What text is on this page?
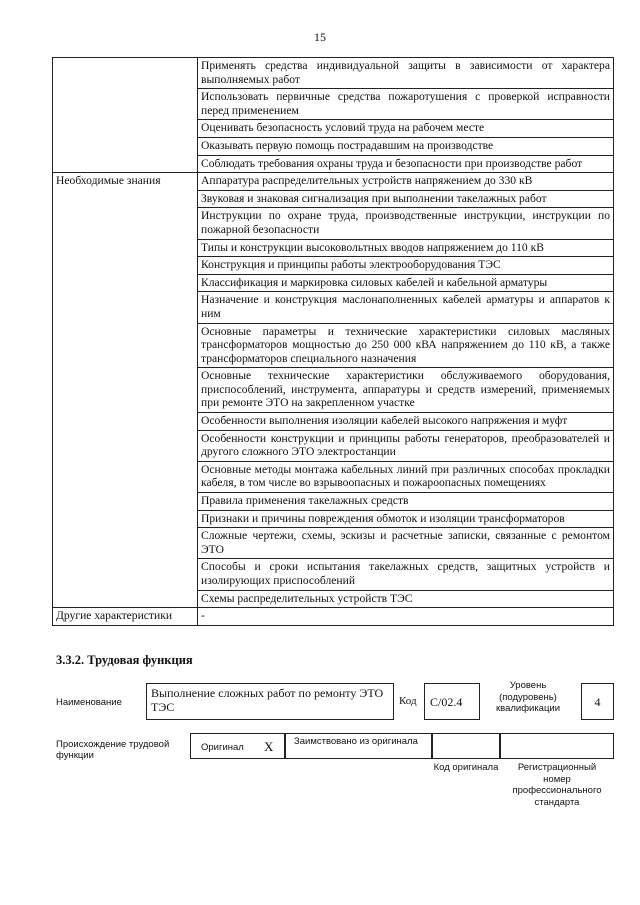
15
	Применять средства индивидуальной защиты в зависимости от характера выполняемых работ
	Использовать первичные средства пожаротушения с проверкой исправности перед применением
	Оценивать безопасность условий труда на рабочем месте
	Оказывать первую помощь пострадавшим на производстве
	Соблюдать требования охраны труда и безопасности при производстве работ
Необходимые знания	Аппаратура распределительных устройств напряжением до 330 кВ
	Звуковая и знаковая сигнализация при выполнении такелажных работ
	Инструкции по охране труда, производственные инструкции, инструкции по пожарной безопасности
	Типы и конструкции высоковольтных вводов напряжением до 110 кВ
	Конструкция и принципы работы электрооборудования ТЭС
	Классификация и маркировка силовых кабелей и кабельной арматуры
	Назначение и конструкция маслонаполненных кабелей арматуры и аппаратов к ним
	Основные параметры и технические характеристики силовых масляных трансформаторов мощностью до 250 000 кВА напряжением до 110 кВ, а также трансформаторов специального назначения
	Основные технические характеристики обслуживаемого оборудования, приспособлений, инструмента, аппаратуры и средств измерений, применяемых при ремонте ЭТО на закрепленном участке
	Особенности выполнения изоляции кабелей высокого напряжения и муфт
	Особенности конструкции и принципы работы генераторов, преобразователей и другого сложного ЭТО электростанции
	Основные методы монтажа кабельных линий при различных способах прокладки кабеля, в том числе во взрывоопасных и пожароопасных помещениях
	Правила применения такелажных средств
	Признаки и причины повреждения обмоток и изоляции трансформаторов
	Сложные чертежи, схемы, эскизы и расчетные записки, связанные с ремонтом ЭТО
	Способы и сроки испытания такелажных средств, защитных устройств и изолирующих приспособлений
	Схемы распределительных устройств ТЭС
Другие характеристики	-
3.3.2. Трудовая функция
Наименование
Выполнение сложных работ по ремонту ЭТО ТЭС	Код	С/02.4
Уровень (подуровень) квалификации	4
Происхождение трудовой функции
Оригинал Х Заимствовано из оригинала
Код оригинала	Регистрационный номер профессионального стандарта
